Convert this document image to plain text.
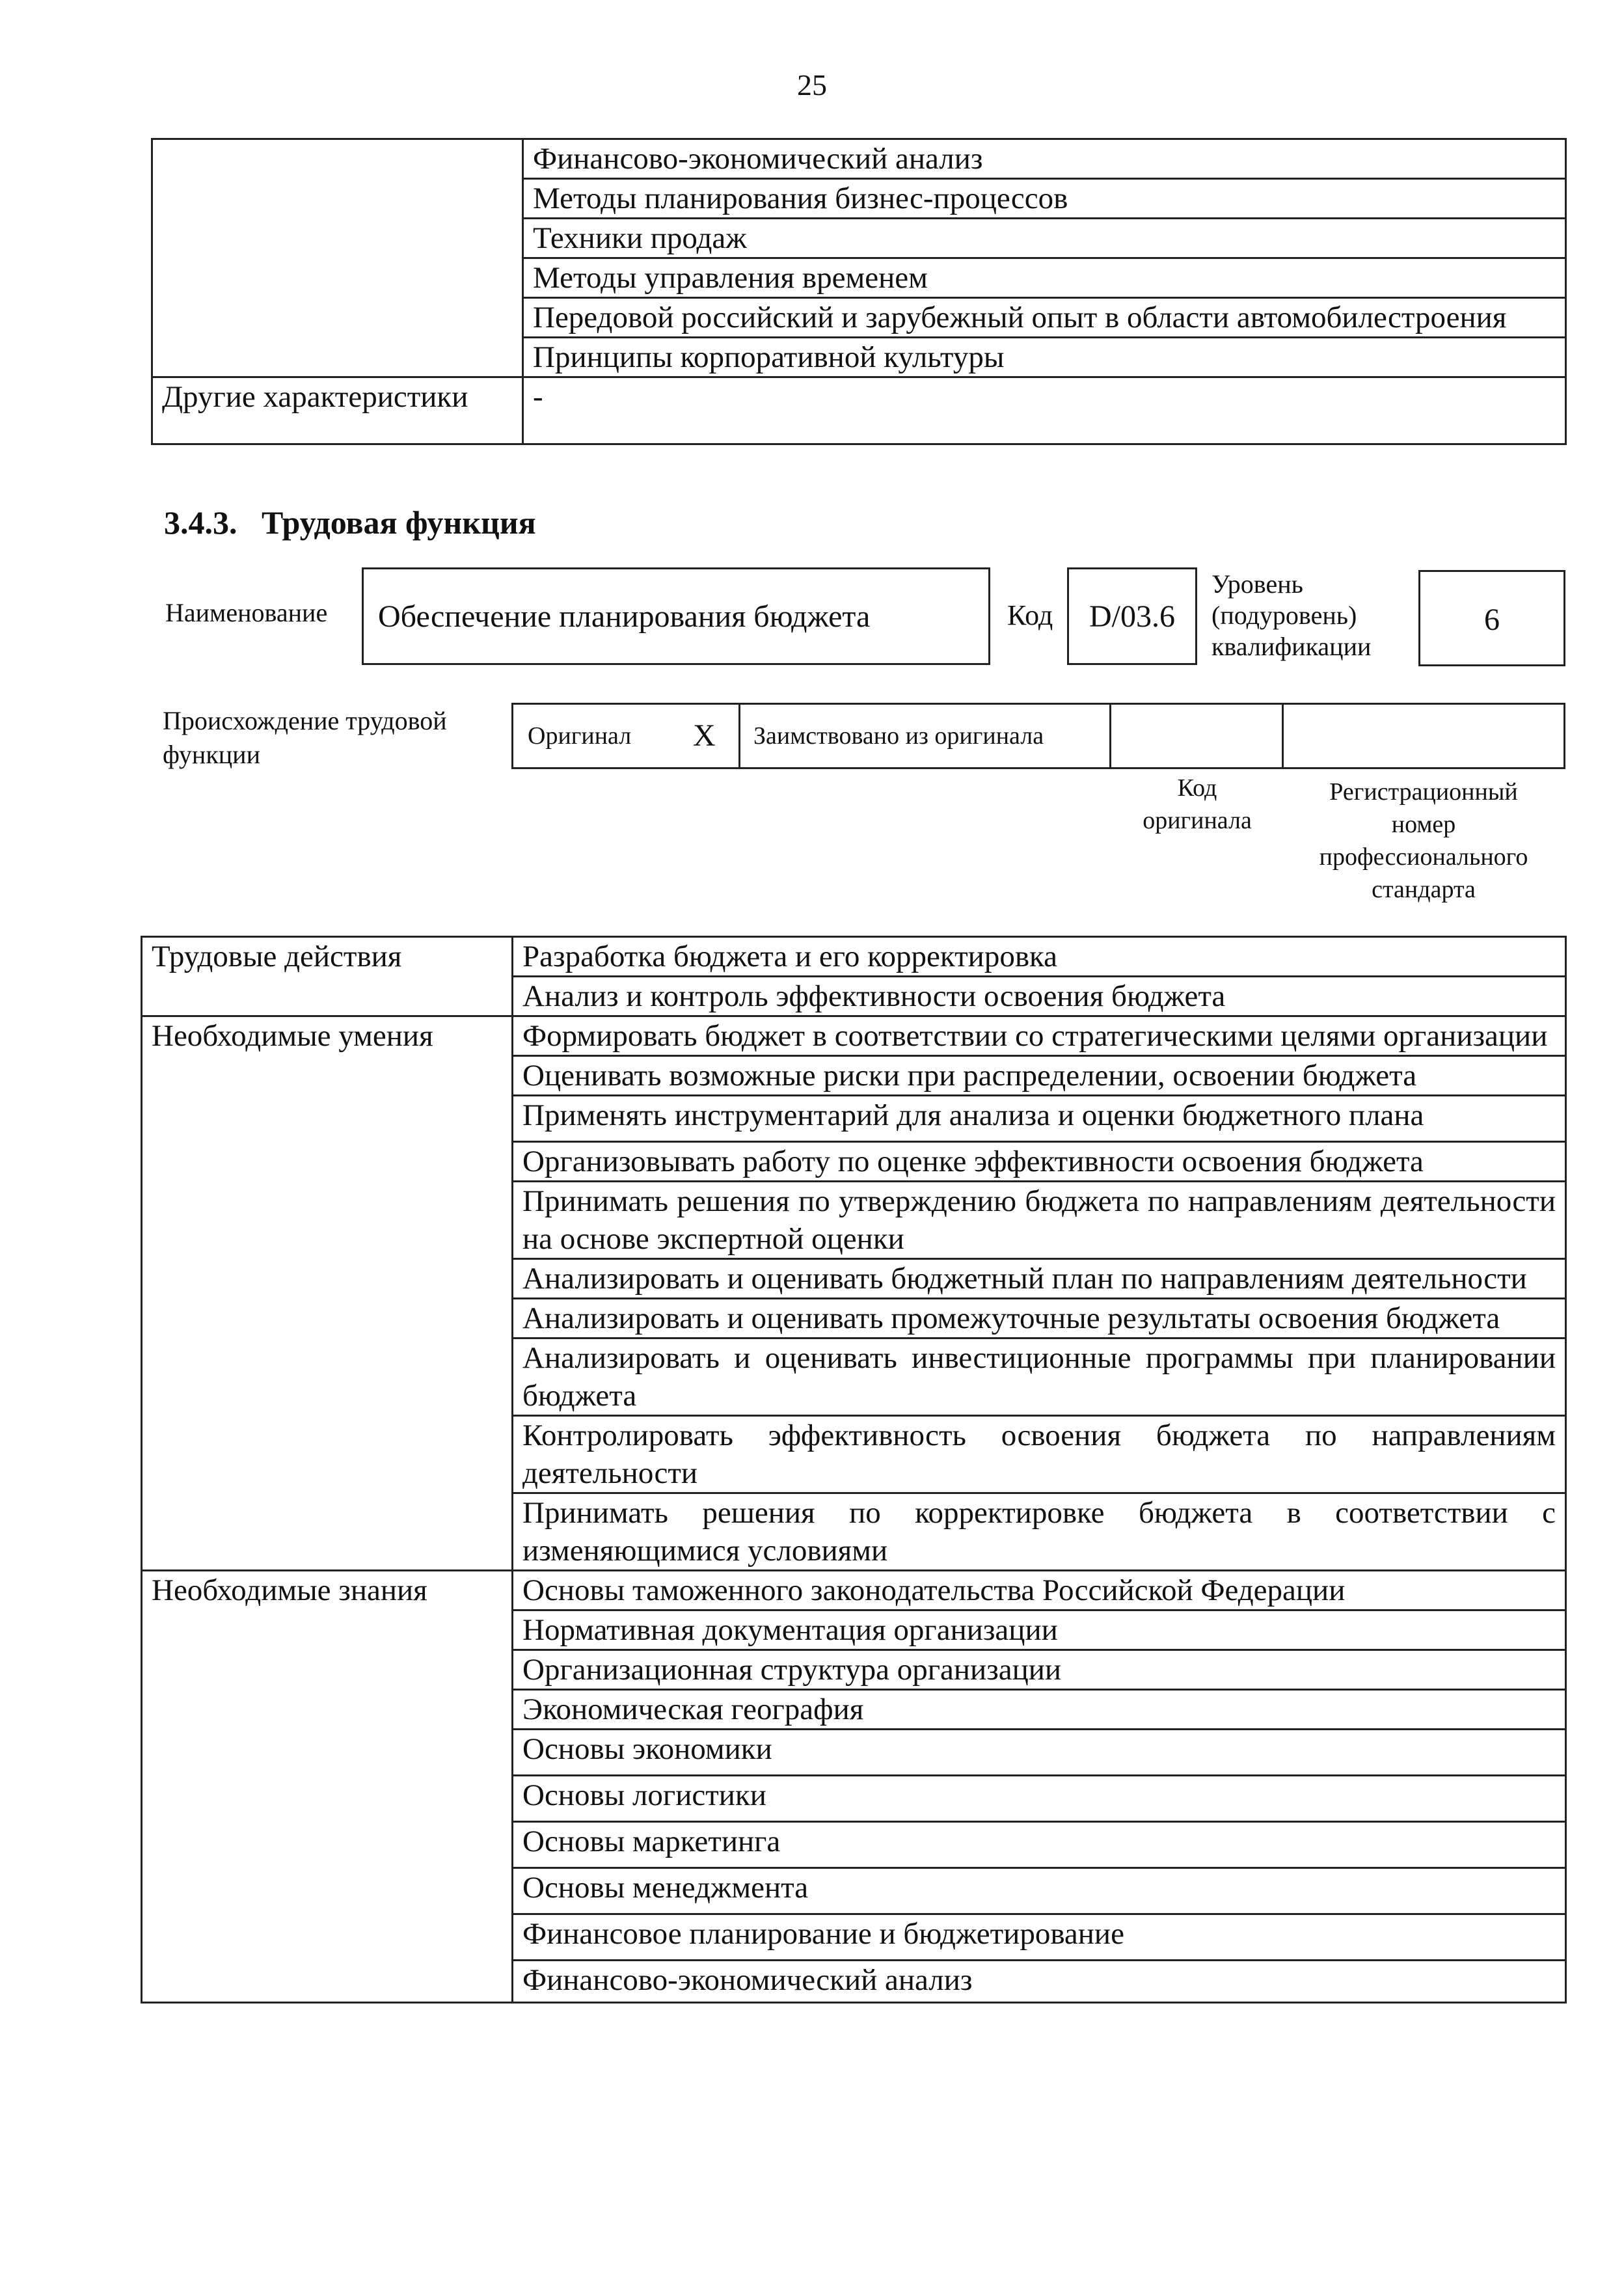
25
	Финансово-экономический анализ
	Методы планирования бизнес-процессов
	Техники продаж
	Методы управления временем
	Передовой российский и зарубежный опыт в области автомобилестроения
	Принципы корпоративной культуры
Другие характеристики	-
3.4.3. Трудовая функция
Наименование Обеспечение планирования бюджета	Код	D/03.6
Уровень
(подуровень)
квалификации
6
Происхождение трудовой
функции
Оригинал X	Заимствовано из оригинала
Код
оригинала
Регистрационный
номер
профессионального
стандарта
Трудовые действия	Разработка бюджета и его корректировка
	Анализ и контроль эффективности освоения бюджета
Необходимые умения	Формировать бюджет в соответствии со стратегическими целями организации
	Оценивать возможные риски при распределении, освоении бюджета
	Применять инструментарий для анализа и оценки бюджетного плана
	Организовывать работу по оценке эффективности освоения бюджета
	Принимать решения по утверждению бюджета по направлениям деятельности на основе экспертной оценки
	Анализировать и оценивать бюджетный план по направлениям деятельности
	Анализировать и оценивать промежуточные результаты освоения бюджета
	Анализировать и оценивать инвестиционные программы при планировании бюджета
	Контролировать эффективность освоения бюджета по направлениям деятельности
	Принимать решения по корректировке бюджета в соответствии с изменяющимися условиями
Необходимые знания	Основы таможенного законодательства Российской Федерации
	Нормативная документация организации
	Организационная структура организации
	Экономическая география
	Основы экономики
	Основы логистики
	Основы маркетинга
	Основы менеджмента
	Финансовое планирование и бюджетирование
	Финансово-экономический анализ
